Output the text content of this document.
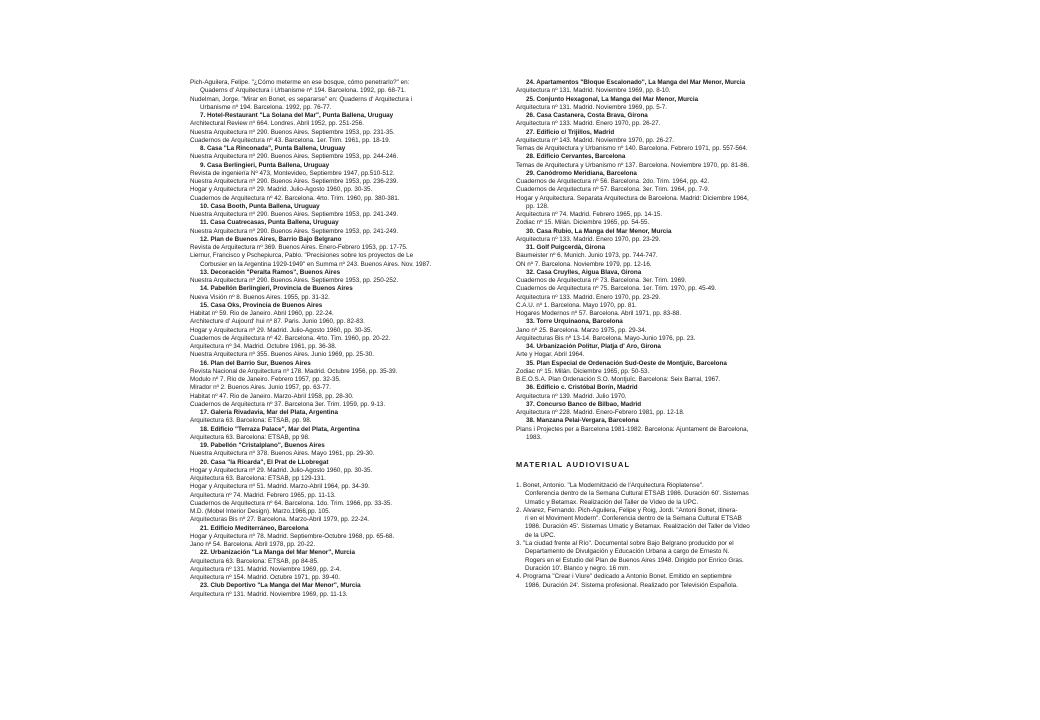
Pich-Aguilera, Felipe. "¿Cómo meterme en ese bosque, cómo penetrarlo?" en:
Quaderns d' Arquitectura i Urbanisme nº 194. Barcelona. 1992, pp. 68-71.
Nudelman, Jorge. "Mirar en Bonet, es separarse" en: Quaderns d' Arquitectura i
Urbanisme nº 194. Barcelona. 1992, pp. 76-77.
7. Hotel-Restaurant "La Solana del Mar", Punta Ballena, Uruguay
Architectural Review nº 664. Londres. Abril 1952, pp. 251-256.
Nuestra Arquitectura nº 290. Buenos Aires. Septiembre 1953, pp. 231-35.
Cuadernos de Arquitectura nº 43. Barcelona. 1er. Trim. 1961, pp. 18-19.
8. Casa "La Rinconada", Punta Ballena, Uruguay
Nuestra Arquitectura nº 290. Buenos Aires. Septiembre 1953, pp. 244-246.
9. Casa Berlingieri, Punta Ballena, Uruguay
Revista de ingeniería Nº 473, Montevideo, Septiembre 1947, pp.510-512.
Nuestra Arquitectura nº 290. Buenos Aires. Septiembre 1953, pp. 236-239.
Hogar y Arquitectura nº 29. Madrid. Julio-Agosto 1960, pp. 30-35.
Cuadernos de Arquitectura nº 42. Barcelona. 4rto. Trim. 1960, pp. 380-381.
10. Casa Booth, Punta Ballena, Uruguay
Nuestra Arquitectura nº 290. Buenos Aires. Septiembre 1953, pp. 241-249.
11. Casa Cuatrecasas, Punta Ballena, Uruguay
Nuestra Arquitectura nº 290. Buenos Aires. Septiembre 1953, pp. 241-249.
12. Plan de Buenos Aires, Barrio Bajo Belgrano
Revista de Arquitectura nº 369. Buenos Aires. Enero-Febrero 1953, pp. 17-75.
Liernur, Francisco y Pschepiurca, Pablo. "Precisiones sobre los proyectos de Le
Corbusier en la Argentina 1929-1949" en Summa nº 243. Buenos Aires. Nov. 1987.
13. Decoración "Peralta Ramos", Buenos Aires
Nuestra Arquitectura nº 290. Buenos Aires. Septiembre 1953, pp. 250-252.
14. Pabellón Berlingieri, Provincia de Buenos Aires
Nueva Visión nº 8. Buenos Aires. 1955, pp. 31-32.
15. Casa Oks, Provincia de Buenos Aires
Habitat nº 59. Rio de Janeiro. Abril 1960, pp. 22-24.
Architecture d' Aujourd' hui nº 87. Paris. Junio 1960, pp. 82-83.
Hogar y Arquitectura nº 29. Madrid. Julio-Agosto 1960, pp. 30-35.
Cuadernos de Arquitectura nº 42. Barcelona. 4rto. Tim. 1960, pp. 20-22.
Arquitectura nº 34. Madrid. Octubre 1961, pp. 36-38.
Nuestra Arquitectura nº 355. Buenos Aires. Junio 1969, pp. 25-30.
16. Plan del Barrio Sur, Buenos Aires
Revista Nacional de Arquitectura nº 178. Madrid. Octubre 1956, pp. 35-39.
Modulo nº 7. Rio de Janeiro. Febrero 1957, pp. 32-35.
Mirador nº 2. Buenos Aires. Junio 1957, pp. 63-77.
Habitat nº 47. Rio de Janeiro. Marzo-Abril 1958, pp. 28-30.
Cuadernos de Arquitectura nº 37. Barcelona 3er. Trim. 1959, pp. 9-13.
17. Galería Rivadavia, Mar del Plata, Argentina
Arquitectura 63. Barcelona: ETSAB, pp. 98.
18. Edificio "Terraza Palace", Mar del Plata, Argentina
Arquitectura 63. Barcelona: ETSAB, pp 98.
19. Pabellón "Cristalplano", Buenos Aires
Nuestra Arquitectura nº 378. Buenos Aires. Mayo 1961, pp. 29-30.
20. Casa "la Ricarda", El Prat de LLobregat
Hogar y Arquitectura nº 29. Madrid. Julio-Agosto 1960, pp. 30-35.
Arquitectura 63. Barcelona: ETSAB, pp 129-131.
Hogar y Arquitectura nº 51. Madrid. Marzo-Abril 1964, pp. 34-39.
Arquitectura nº 74. Madrid. Febrero 1965, pp. 11-13.
Cuadernos de Arquitectura nº 64. Barcelona. 1do. Trim. 1966, pp. 33-35.
M.D. (Mobel Interior Design). Marzo.1966,pp. 105.
Arquitecturas Bis nº 27. Barcelona. Marzo-Abril 1979, pp. 22-24.
21. Edificio Mediterráneo, Barcelona
Hogar y Arquitectura nº 78. Madrid. Septiembre-Octubre 1968, pp. 65-68.
Jano nº 54. Barcelona. Abril 1978, pp. 20-22.
22. Urbanización "La Manga del Mar Menor", Murcia
Arquitectura 63. Barcelona: ETSAB, pp 84-85.
Arquitectura nº 131. Madrid. Noviembre 1969, pp. 2-4.
Arquitectura nº 154. Madrid. Octubre 1971, pp. 39-40.
23. Club Deportivo "La Manga del Mar Menor", Murcia
Arquitectura nº 131. Madrid. Noviembre 1969, pp. 11-13.
24. Apartamentos "Bloque Escalonado", La Manga del Mar Menor, Murcia
Arquitectura nº 131. Madrid. Noviembre 1969, pp. 8-10.
25. Conjunto Hexagonal, La Manga del Mar Menor, Murcia
Arquitectura nº 131. Madrid. Noviembre 1969, pp. 5-7.
26. Casa Castanera, Costa Brava, Girona
Arquitectura nº 133. Madrid. Enero 1970, pp. 26-27.
27. Edificio c/ Trijillos, Madrid
Arquitectura nº 143. Madrid. Noviembre 1970, pp. 26-27.
Temas de Arquitectura y Urbanismo nº 140. Barcelona. Febrero 1971, pp. 557-564.
28. Edificio Cervantes, Barcelona
Temas de Arquitectura y Urbanismo nº 137. Barcelona. Noviembre 1970, pp. 81-86.
29. Canódromo Meridiana, Barcelona
Cuadernos de Arquitectura nº 56. Barcelona. 2do. Trim. 1964, pp. 42.
Cuadernos de Arquitectura nº 57. Barcelona. 3er. Trim. 1964, pp. 7-9.
Hogar y Arquitectura. Separata Arquitectura de Barcelona. Madrid: Diciembre 1964,
pp. 128.
Arquitectura nº 74. Madrid. Febrero 1965, pp. 14-15.
Zodiac nº 15. Milán. Diciembre 1965, pp. 54-55.
30. Casa Rubio, La Manga del Mar Menor, Murcia
Arquitectura nº 133. Madrid. Enero 1970, pp. 23-29.
31. Golf Puigcerdà, Girona
Baumeister nº 6. Munich. Junio 1973, pp. 744-747.
ON nº 7. Barcelona. Noviembre 1979, pp. 12-16.
32. Casa Cruylles, Aigua Blava, Girona
Cuadernos de Arquitectura nº 73. Barcelona. 3er. Trim. 1969.
Cuadernos de Arquitectura nº 75. Barcelona. 1er. Trim. 1970, pp. 45-49.
Arquitectura nº 133. Madrid. Enero 1970, pp. 23-29.
C.A.U. nº 1. Barcelona. Mayo 1970, pp. 81.
Hogares Modernos nº 57. Barcelona. Abril 1971, pp. 83-88.
33. Torre Urquinaona, Barcelona
Jano nº 25. Barcelona. Marzo 1975, pp. 29-34.
Arquitecturas Bis nº 13-14. Barcelona. Mayo-Junio 1976, pp. 23.
34. Urbanización Politur, Platja d' Aro, Girona
Arte y Hogar. Abril 1964.
35. Plan Especial de Ordenación Sud-Oeste de Montjuïc, Barcelona
Zodiac nº 15. Milán. Diciembre 1965, pp. 50-53.
B.E.O.S.A. Plan Ordenación S.O. Montjuïc. Barcelona: Seix Barral, 1967.
36. Edificio c. Cristóbal Borín, Madrid
Arquitectura nº 139. Madrid. Julio 1970.
37. Concurso Banco de Bilbao, Madrid
Arquitectura nº 228. Madrid. Enero-Febrero 1981, pp. 12-18.
38. Manzana Pelai-Vergara, Barcelona
Plans i Projectes per a Barcelona 1981-1982. Barcelona: Ajuntament de Barcelona,
1983.
MATERIAL AUDIOVISUAL
1. Bonet, Antonio. "La Modernització de l'Arquitectura Rioplatense".
Conferencia dentro de la Semana Cultural ETSAB 1986. Duración 60'. Sistemas
Umatic y Betamax. Realización del Taller de Vídeo de la UPC.
2. Álvarez, Fernando. Pich-Aguilera, Felipe y Roig, Jordi. "Antoni Bonet, itinera-
ri en el Moviment Modern". Conferencia dentro de la Semana Cultural ETSAB
1986. Duración 45'. Sistemas Umatic y Betamax. Realización del Taller de Vídeo
de la UPC.
3. "La ciudad frente al Río". Documental sobre Bajo Belgrano producido por el
Departamento de Divulgación y Educación Urbana a cargo de Ernesto N.
Rogers en el Estudio del Plan de Buenos Aires 1948. Dirigido por Enrico Gras.
Duración 10'. Blanco y negro. 16 mm.
4. Programa "Crear i Viure" dedicado a Antonio Bonet. Emitido en septiembre
1986. Duración 24'. Sistema profesional. Realizado por Televisión Española.
